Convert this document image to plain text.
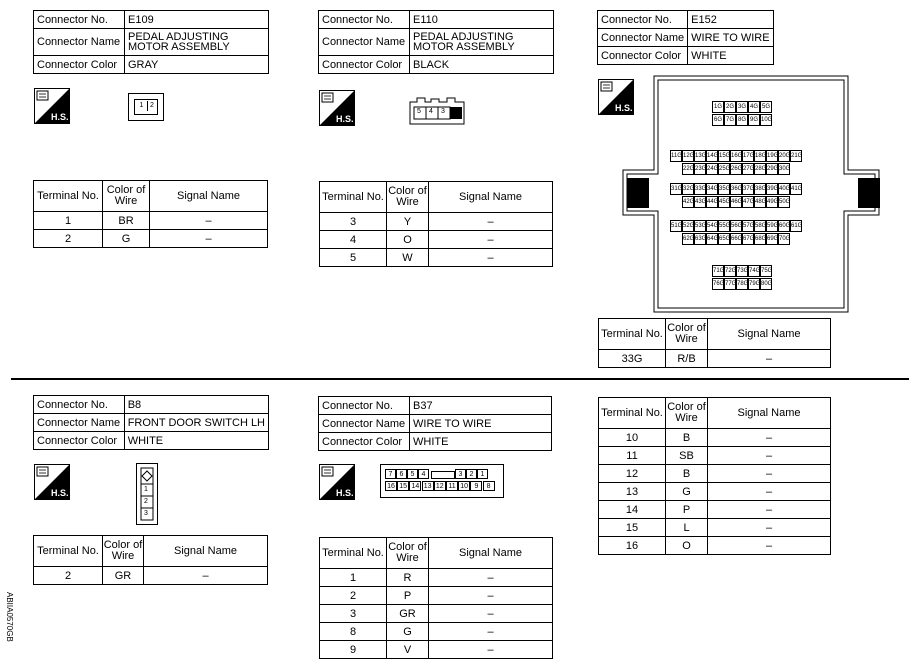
Connector No.	E109
Connector Name	PEDAL ADJUSTING MOTOR ASSEMBLY
Connector Color	GRAY
H.S.
1 2
Terminal No.	Color of Wire	Signal Name
1	BR	–
2	G	–
Connector No.	E110
Connector Name	PEDAL ADJUSTING MOTOR ASSEMBLY
Connector Color	BLACK
H.S.
5 4 3
Terminal No.	Color of Wire	Signal Name
3	Y	–
4	O	–
5	W	–
Connector No.	E152
Connector Name	WIRE TO WIRE
Connector Color	WHITE
H.S.	1G 2G 3G 4G 5G
6G 7G 8G 9G 10G
11G 12G 13G 14G 15G 16G 17G 18G 19G 20G 21G
22G 23G 24G 25G 26G 27G 28G 29G 30G
31G 32G 33G 34G 35G 36G 37G 38G 39G 40G 41G
42G 43G 44G 45G 46G 47G 48G 49G 50G
51G 52G 53G 54G 55G 56G 57G 58G 59G 60G 61G
62G 63G 64G 65G 66G 67G 68G 69G 70G
71G 72G 73G 74G 75G
76G 77G 78G 79G 80G
Terminal No.	Color of Wire	Signal Name
33G	R/B	–
Connector No.	B8
Connector Name	FRONT DOOR SWITCH LH
Connector Color	WHITE
H.S.	1
2
3
Terminal No.	Color of Wire	Signal Name
2	GR	–
Connector No.	B37
Connector Name	WIRE TO WIRE
Connector Color	WHITE
H.S.
7	6	5	4	3	2	1
16 15 14 13 12 11 10 9	8
Terminal No.	Color of Wire	Signal Name
1	R	–
2	P	–
3	GR	–
8	G	–
9	V	–
Terminal No.	Color of Wire	Signal Name
10	B	–
11	SB	–
12	B	–
13	G	–
14	P	–
15	L	–
16	O	–
ABIIA0570GB
